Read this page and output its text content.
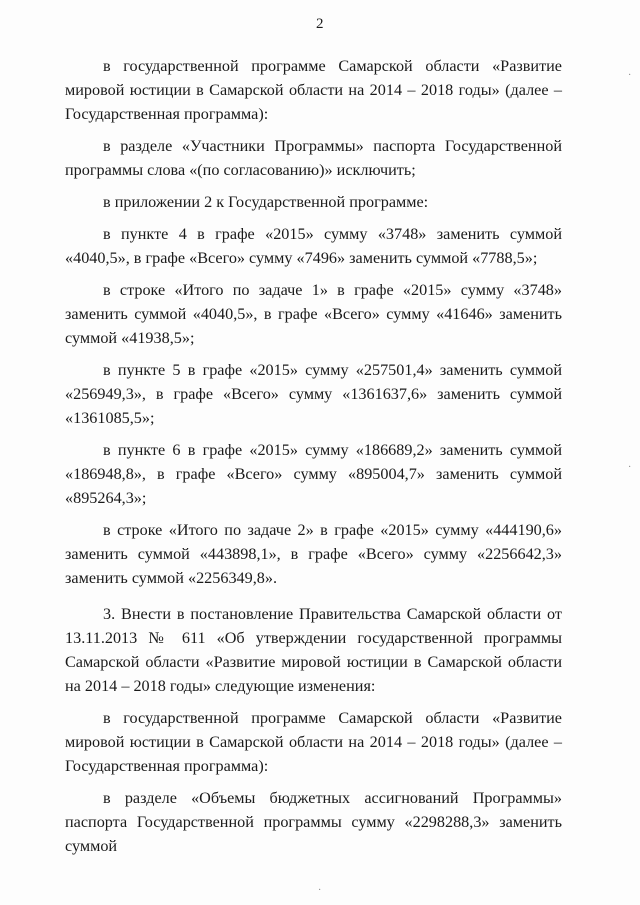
2

в государственной программе Самарской области «Развитие мировой юстиции в Самарской области на 2014 – 2018 годы» (далее – Государственная программа):

в разделе «Участники Программы» паспорта Государственной программы слова «(по согласованию)» исключить;

в приложении 2 к Государственной программе:

в пункте 4 в графе «2015» сумму «3748» заменить суммой «4040,5», в графе «Всего» сумму «7496» заменить суммой «7788,5»;

в строке «Итого по задаче 1» в графе «2015» сумму «3748» заменить суммой «4040,5», в графе «Всего» сумму «41646» заменить суммой «41938,5»;

в пункте 5 в графе «2015» сумму «257501,4» заменить суммой «256949,3», в графе «Всего» сумму «1361637,6» заменить суммой «1361085,5»;

в пункте 6 в графе «2015» сумму «186689,2» заменить суммой «186948,8», в графе «Всего» сумму «895004,7» заменить суммой «895264,3»;

в строке «Итого по задаче 2» в графе «2015» сумму «444190,6» заменить суммой «443898,1», в графе «Всего» сумму «2256642,3» заменить суммой «2256349,8».

3. Внести в постановление Правительства Самарской области от 13.11.2013 № 611 «Об утверждении государственной программы Самарской области «Развитие мировой юстиции в Самарской области на 2014 – 2018 годы» следующие изменения:

в государственной программе Самарской области «Развитие мировой юстиции в Самарской области на 2014 – 2018 годы» (далее – Государственная программа):

в разделе «Объемы бюджетных ассигнований Программы» паспорта Государственной программы сумму «2298288,3» заменить суммой

·
·
·
